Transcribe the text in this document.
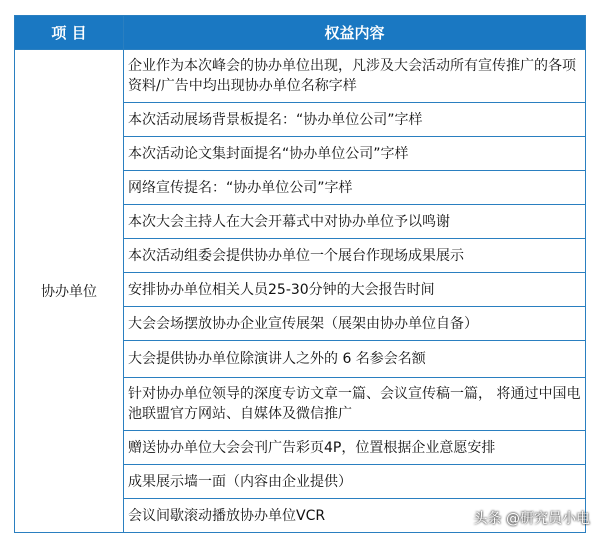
项 目	权益内容
协办单位	企业作为本次峰会的协办单位出现，凡涉及大会活动所有宣传推广的各项资料/广告中均出现协办单位名称字样
	本次活动展场背景板提名：“协办单位公司”字样
	本次活动论文集封面提名“协办单位公司”字样
	网络宣传提名：“协办单位公司”字样
	本次大会主持人在大会开幕式中对协办单位予以鸣谢
	本次活动组委会提供协办单位一个展台作现场成果展示
	安排协办单位相关人员25-30分钟的大会报告时间
	大会会场摆放协办企业宣传展架（展架由协办单位自备）
	大会提供协办单位除演讲人之外的 6 名参会名额
	针对协办单位领导的深度专访文章一篇、会议宣传稿一篇， 将通过中国电池联盟官方网站、自媒体及微信推广
	赠送协办单位大会会刊广告彩页4P，位置根据企业意愿安排
	成果展示墙一面（内容由企业提供）
	会议间歇滚动播放协办单位VCR	头条 @研究员小电
